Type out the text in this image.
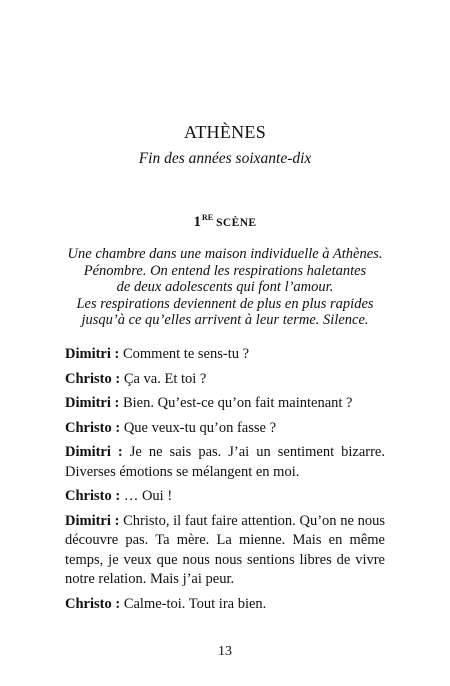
ATHÈNES
Fin des années soixante-dix
1RE SCÈNE
Une chambre dans une maison individuelle à Athènes.
Pénombre. On entend les respirations haletantes
de deux adolescents qui font l’amour.
Les respirations deviennent de plus en plus rapides
jusqu’à ce qu’elles arrivent à leur terme. Silence.
Dimitri : Comment te sens-tu ?
Christo : Ça va. Et toi ?
Dimitri : Bien. Qu’est-ce qu’on fait maintenant ?
Christo : Que veux-tu qu’on fasse ?
Dimitri : Je ne sais pas. J’ai un sentiment bizarre. Diverses émotions se mélangent en moi.
Christo : … Oui !
Dimitri : Christo, il faut faire attention. Qu’on ne nous découvre pas. Ta mère. La mienne. Mais en même temps, je veux que nous nous sentions libres de vivre notre relation. Mais j’ai peur.
Christo : Calme-toi. Tout ira bien.
13
